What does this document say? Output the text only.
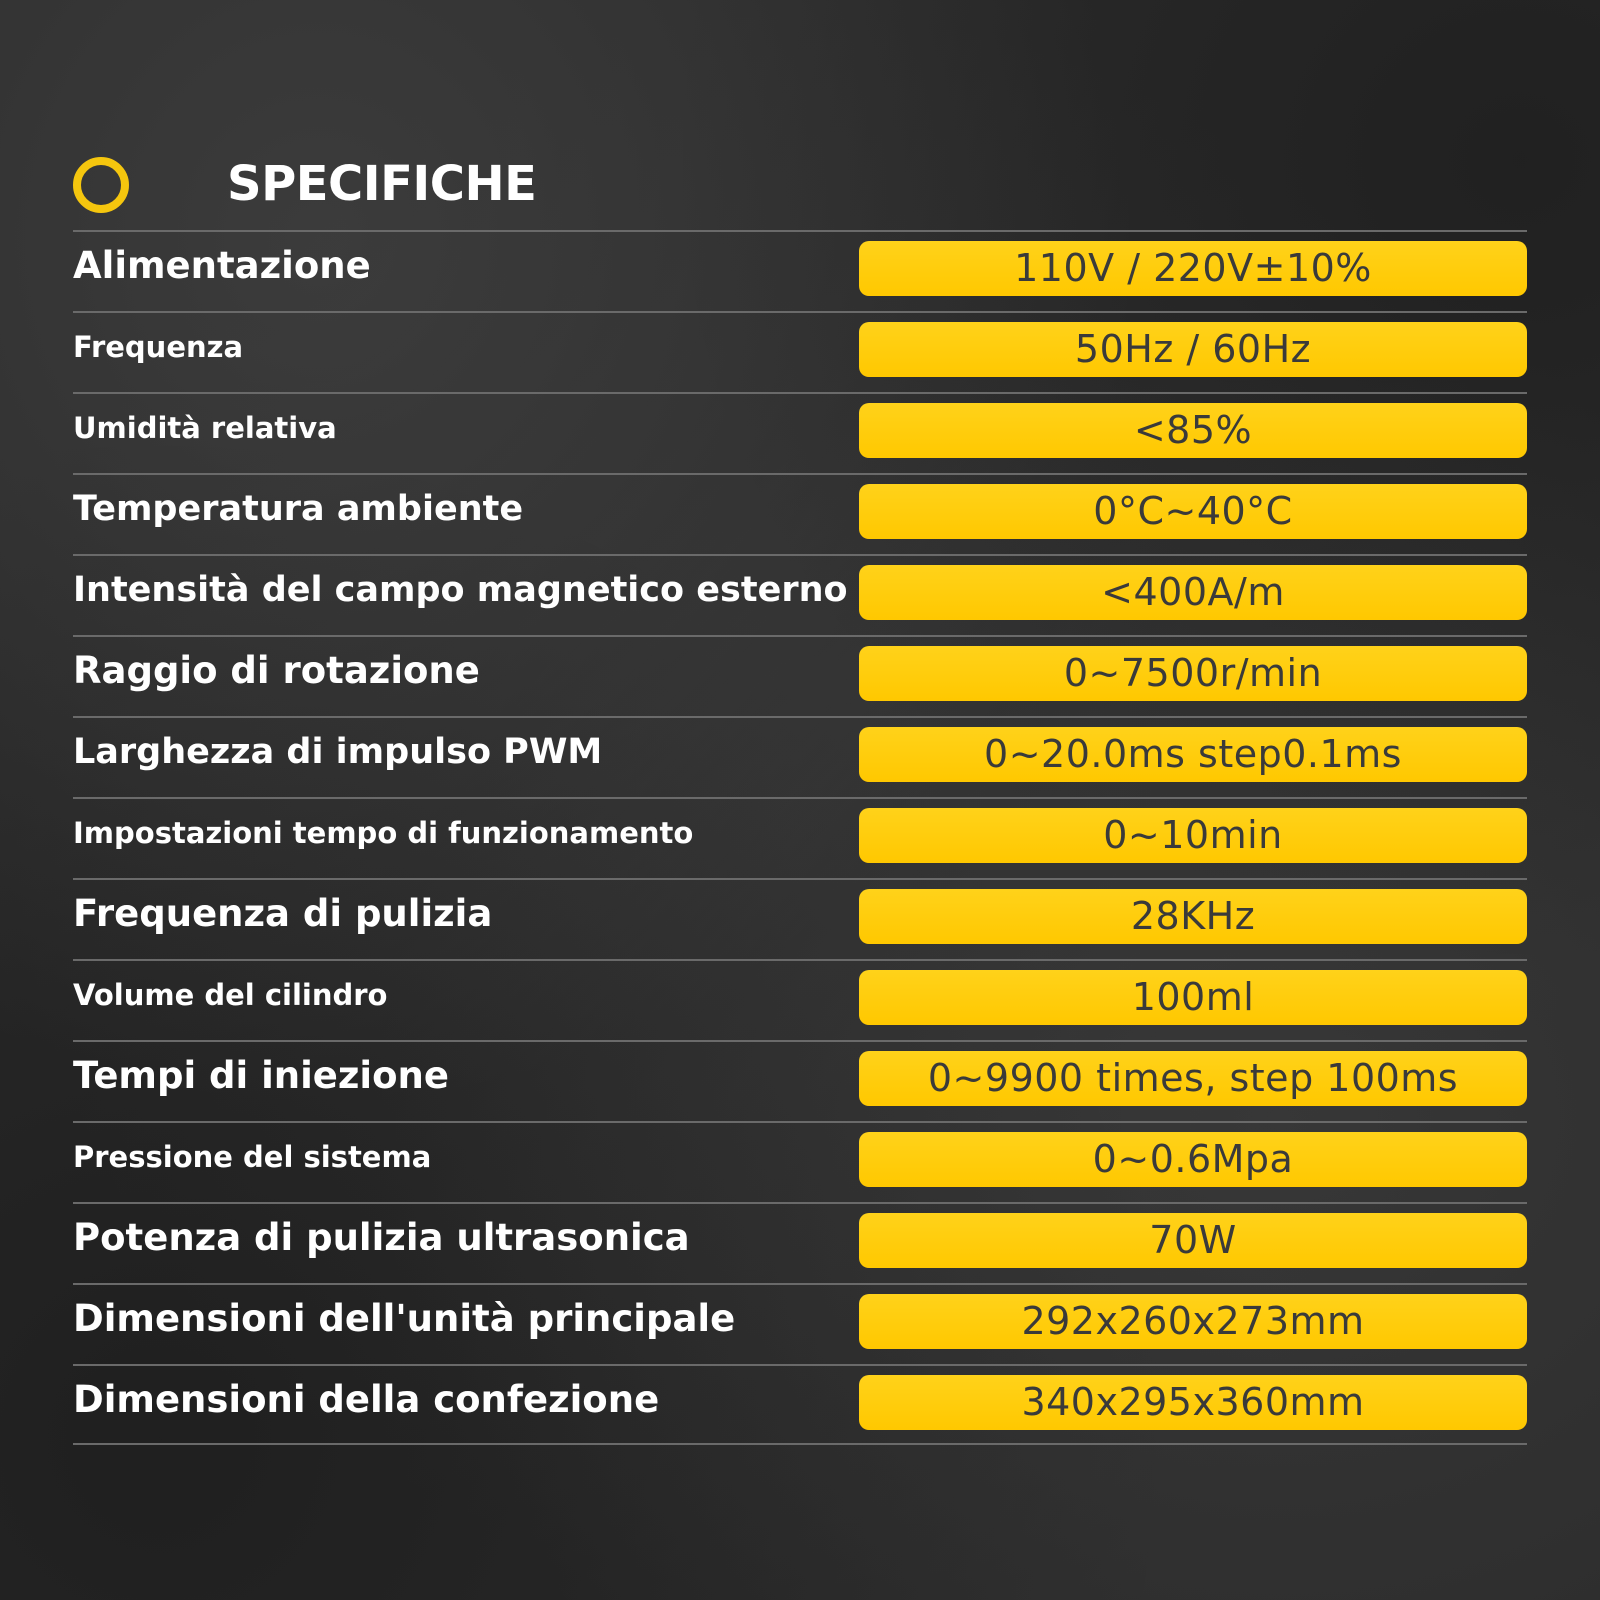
SPECIFICHE
Alimentazione	110V / 220V±10%
Frequenza	50Hz / 60Hz
Umidità relativa	<85%
Temperatura ambiente	0°C~40°C
Intensità del campo magnetico esterno	<400A/m
Raggio di rotazione	0~7500r/min
Larghezza di impulso PWM	0~20.0ms step0.1ms
Impostazioni tempo di funzionamento	0~10min
Frequenza di pulizia	28KHz
Volume del cilindro	100ml
Tempi di iniezione	0~9900 times, step 100ms
Pressione del sistema	0~0.6Mpa
Potenza di pulizia ultrasonica	70W
Dimensioni dell'unità principale	292x260x273mm
Dimensioni della confezione	340x295x360mm
